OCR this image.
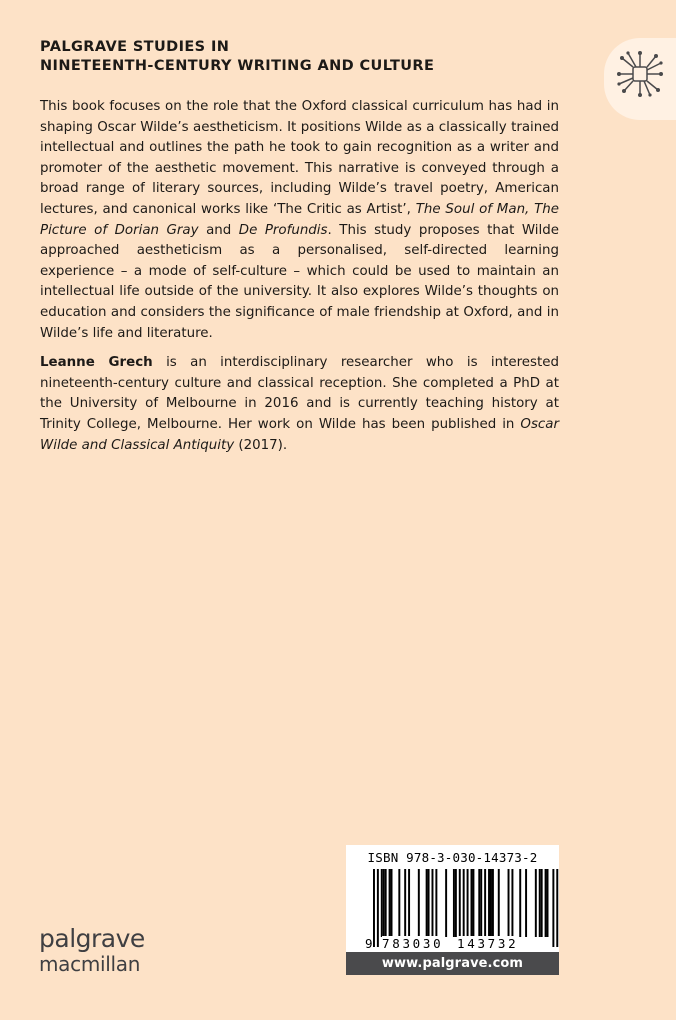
PALGRAVE STUDIES IN
NINETEENTH-CENTURY WRITING AND CULTURE

This book focuses on the role that the Oxford classical curriculum has had in shaping Oscar Wilde’s aestheticism. It positions Wilde as a classically trained intellectual and outlines the path he took to gain recognition as a writer and promoter of the aesthetic movement. This narrative is conveyed through a broad range of literary sources, including Wilde’s travel poetry, American lectures, and canonical works like ‘The Critic as Artist’, The Soul of Man, The Picture of Dorian Gray and De Profundis. This study proposes that Wilde approached aestheticism as a personalised, self-directed learning experience – a mode of self-culture – which could be used to maintain an intellectual life outside of the university. It also explores Wilde’s thoughts on education and considers the significance of male friendship at Oxford, and in Wilde’s life and literature.

Leanne Grech is an interdisciplinary researcher who is interested nineteenth-century culture and classical reception. She completed a PhD at the University of Melbourne in 2016 and is currently teaching history at Trinity College, Melbourne. Her work on Wilde has been published in Oscar Wilde and Classical Antiquity (2017).

ISBN 978-3-030-14373-2
9 783030 143732
www.palgrave.com
palgrave
macmillan
